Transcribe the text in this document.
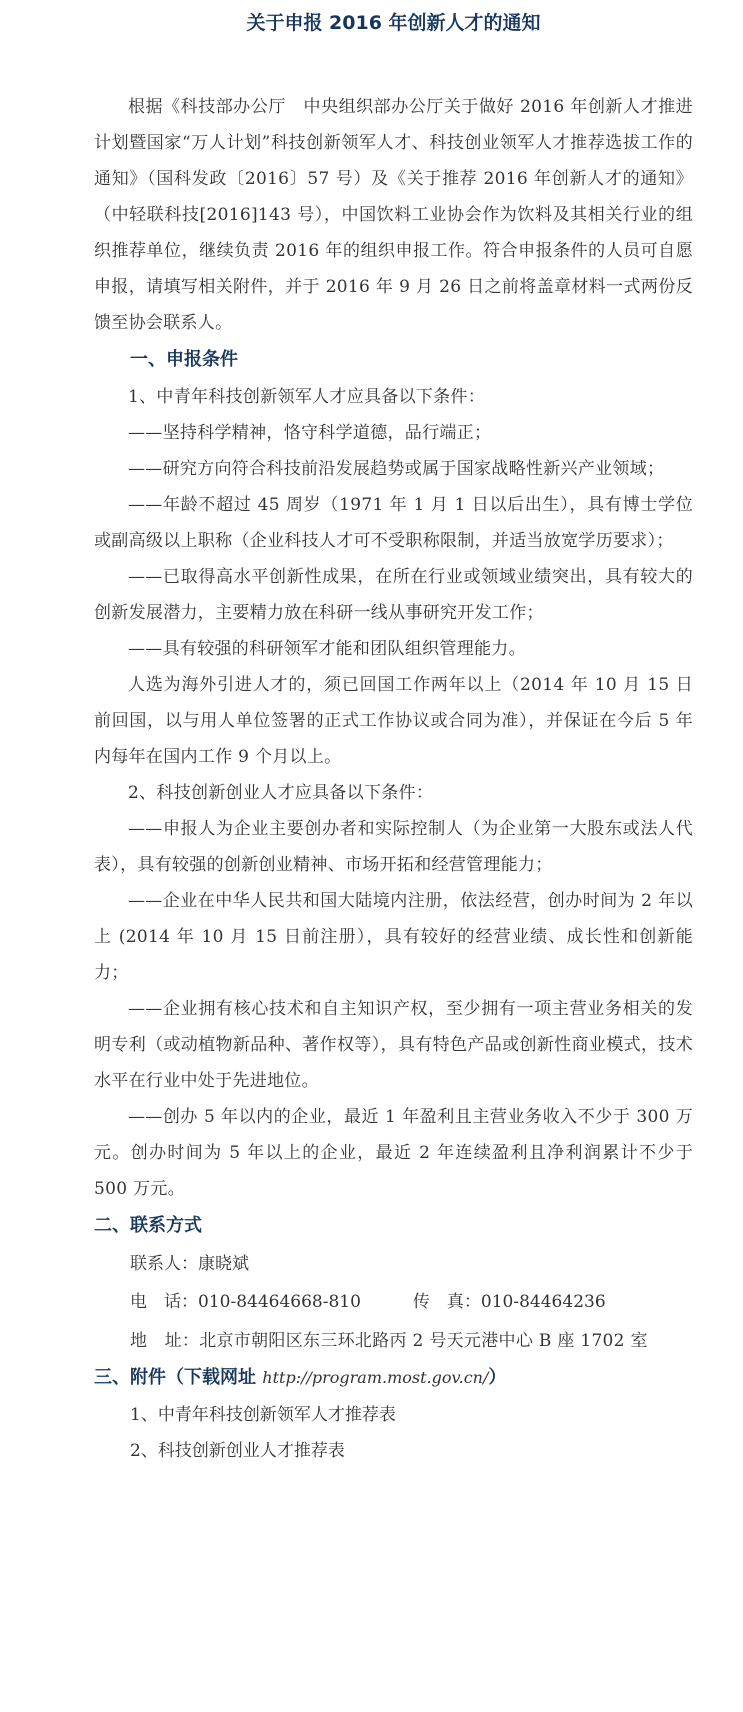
关于申报 2016 年创新人才的通知

根据《科技部办公厅　中央组织部办公厅关于做好 2016 年创新人才推进计划暨国家“万人计划”科技创新领军人才、科技创业领军人才推荐选拔工作的通知》（国科发政〔2016〕57 号）及《关于推荐 2016 年创新人才的通知》（中轻联科技[2016]143 号），中国饮料工业协会作为饮料及其相关行业的组织推荐单位，继续负责 2016 年的组织申报工作。符合申报条件的人员可自愿申报，请填写相关附件，并于 2016 年 9 月 26 日之前将盖章材料一式两份反馈至协会联系人。

一、申报条件

1、中青年科技创新领军人才应具备以下条件：

——坚持科学精神，恪守科学道德，品行端正；

——研究方向符合科技前沿发展趋势或属于国家战略性新兴产业领域；

——年龄不超过 45 周岁（1971 年 1 月 1 日以后出生），具有博士学位或副高级以上职称（企业科技人才可不受职称限制，并适当放宽学历要求）；

——已取得高水平创新性成果，在所在行业或领域业绩突出，具有较大的创新发展潜力，主要精力放在科研一线从事研究开发工作；

——具有较强的科研领军才能和团队组织管理能力。

人选为海外引进人才的，须已回国工作两年以上（2014 年 10 月 15 日前回国，以与用人单位签署的正式工作协议或合同为准），并保证在今后 5 年内每年在国内工作 9 个月以上。

2、科技创新创业人才应具备以下条件：

——申报人为企业主要创办者和实际控制人（为企业第一大股东或法人代表），具有较强的创新创业精神、市场开拓和经营管理能力；

——企业在中华人民共和国大陆境内注册，依法经营，创办时间为 2 年以上 (2014 年 10 月 15 日前注册），具有较好的经营业绩、成长性和创新能力；

——企业拥有核心技术和自主知识产权，至少拥有一项主营业务相关的发明专利（或动植物新品种、著作权等），具有特色产品或创新性商业模式，技术水平在行业中处于先进地位。

——创办 5 年以内的企业，最近 1 年盈利且主营业务收入不少于 300 万元。创办时间为 5 年以上的企业，最近 2 年连续盈利且净利润累计不少于 500 万元。

二、联系方式
联系人：康晓斌
电　话：010-84464668-810	传　真：010-84464236

地　址：北京市朝阳区东三环北路丙 2 号天元港中心 B 座 1702 室

三、附件（下载网址 http://program.most.gov.cn/）
1、中青年科技创新领军人才推荐表
2、科技创新创业人才推荐表
